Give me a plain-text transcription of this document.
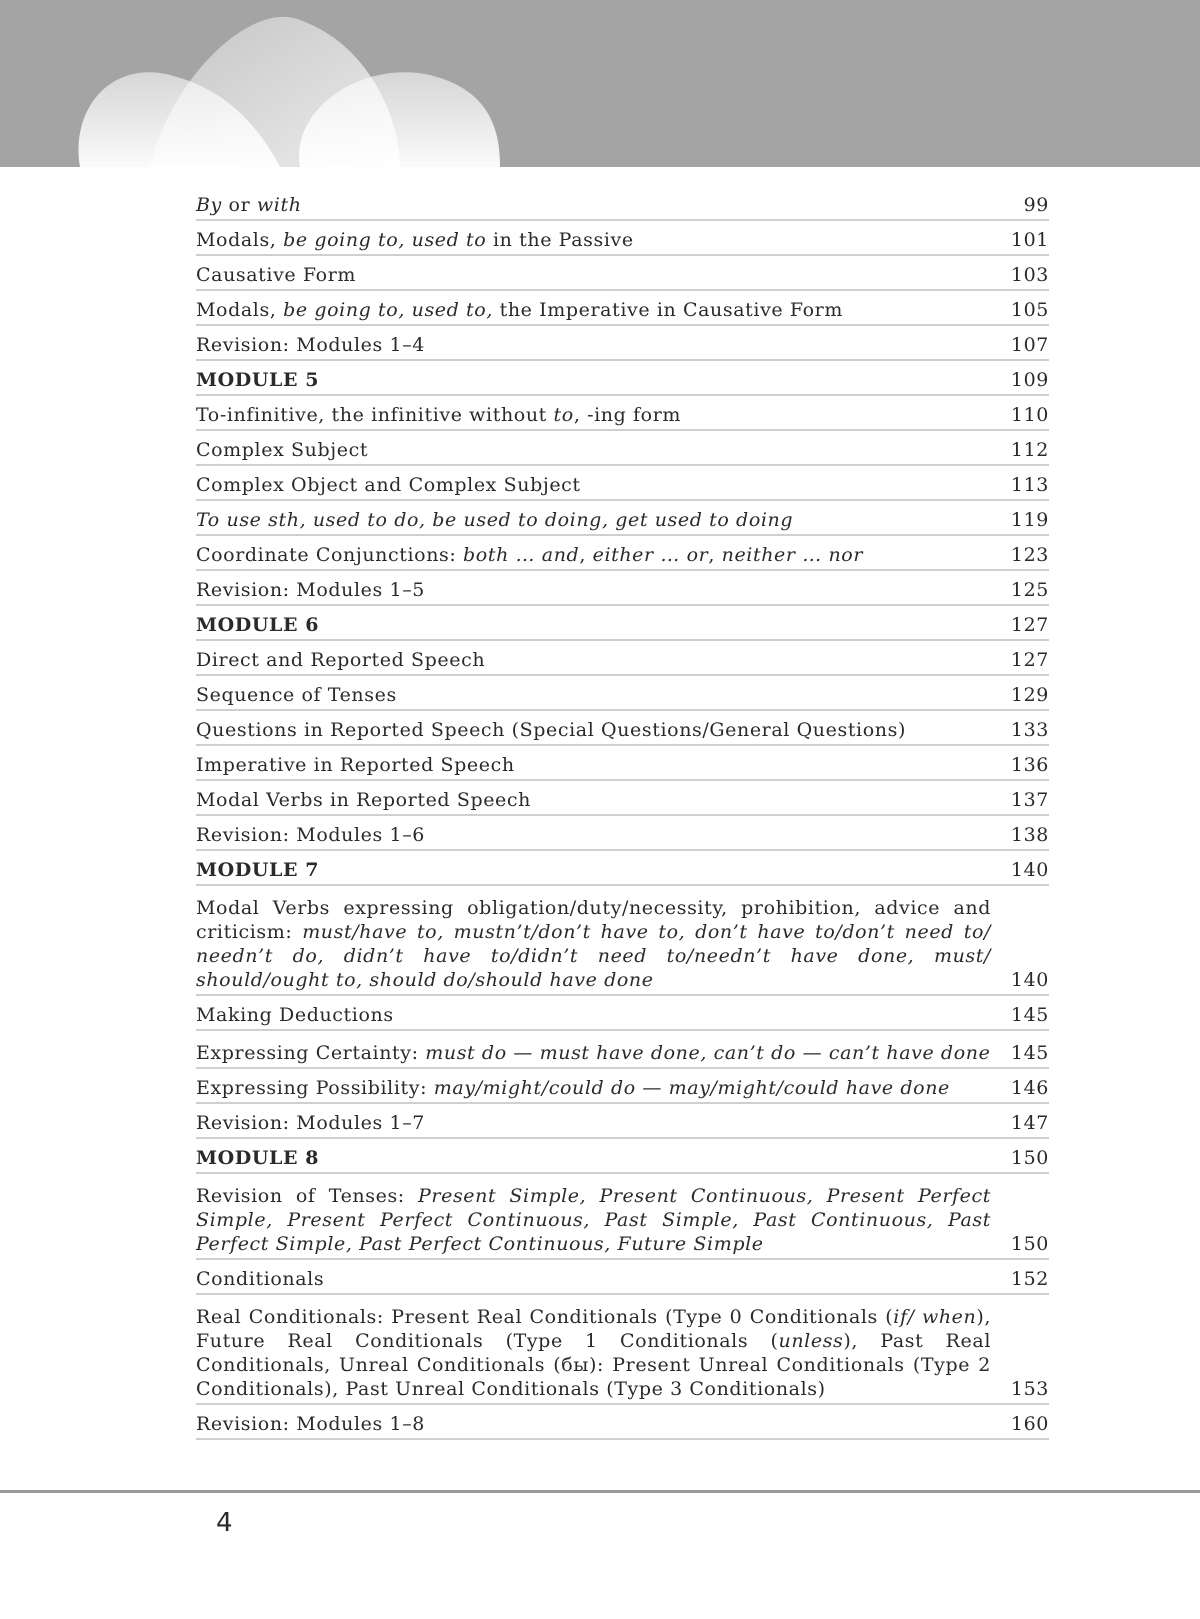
By or with	99
Modals, be going to, used to in the Passive	101
Causative Form	103
Modals, be going to, used to, the Imperative in Causative Form	105
Revision: Modules 1–4	107
MODULE 5	109
To-infinitive, the infinitive without to, -ing form	110
Complex Subject	112
Complex Object and Complex Subject	113
To use sth, used to do, be used to doing, get used to doing	119
Coordinate Conjunctions: both … and, either … or, neither … nor	123
Revision: Modules 1–5	125
MODULE 6	127
Direct and Reported Speech	127
Sequence of Tenses	129
Questions in Reported Speech (Special Questions/General Questions)	133
Imperative in Reported Speech	136
Modal Verbs in Reported Speech	137
Revision: Modules 1–6	138
MODULE 7	140
Modal Verbs expressing obligation/duty/necessity, prohibition, advice and criticism: must/have to, mustn’t/don’t have to, don’t have to/don’t need to/ needn’t do, didn’t have to/didn’t need to/needn’t have done, must/ should/ought to, should do/should have done	140
Making Deductions	145
Expressing Certainty: must do — must have done, can’t do — can’t have done	145
Expressing Possibility: may/might/could do — may/might/could have done	146
Revision: Modules 1–7	147
MODULE 8	150
Revision of Tenses: Present Simple, Present Continuous, Present Perfect Simple, Present Perfect Continuous, Past Simple, Past Continuous, Past Perfect Simple, Past Perfect Continuous, Future Simple	150
Conditionals	152
Real Conditionals: Present Real Conditionals (Type 0 Conditionals (if/ when), Future Real Conditionals (Type 1 Conditionals (unless), Past Real Conditionals, Unreal Conditionals (бы): Present Unreal Conditionals (Type 2 Conditionals), Past Unreal Conditionals (Type 3 Conditionals)	153
Revision: Modules 1–8	160
4
